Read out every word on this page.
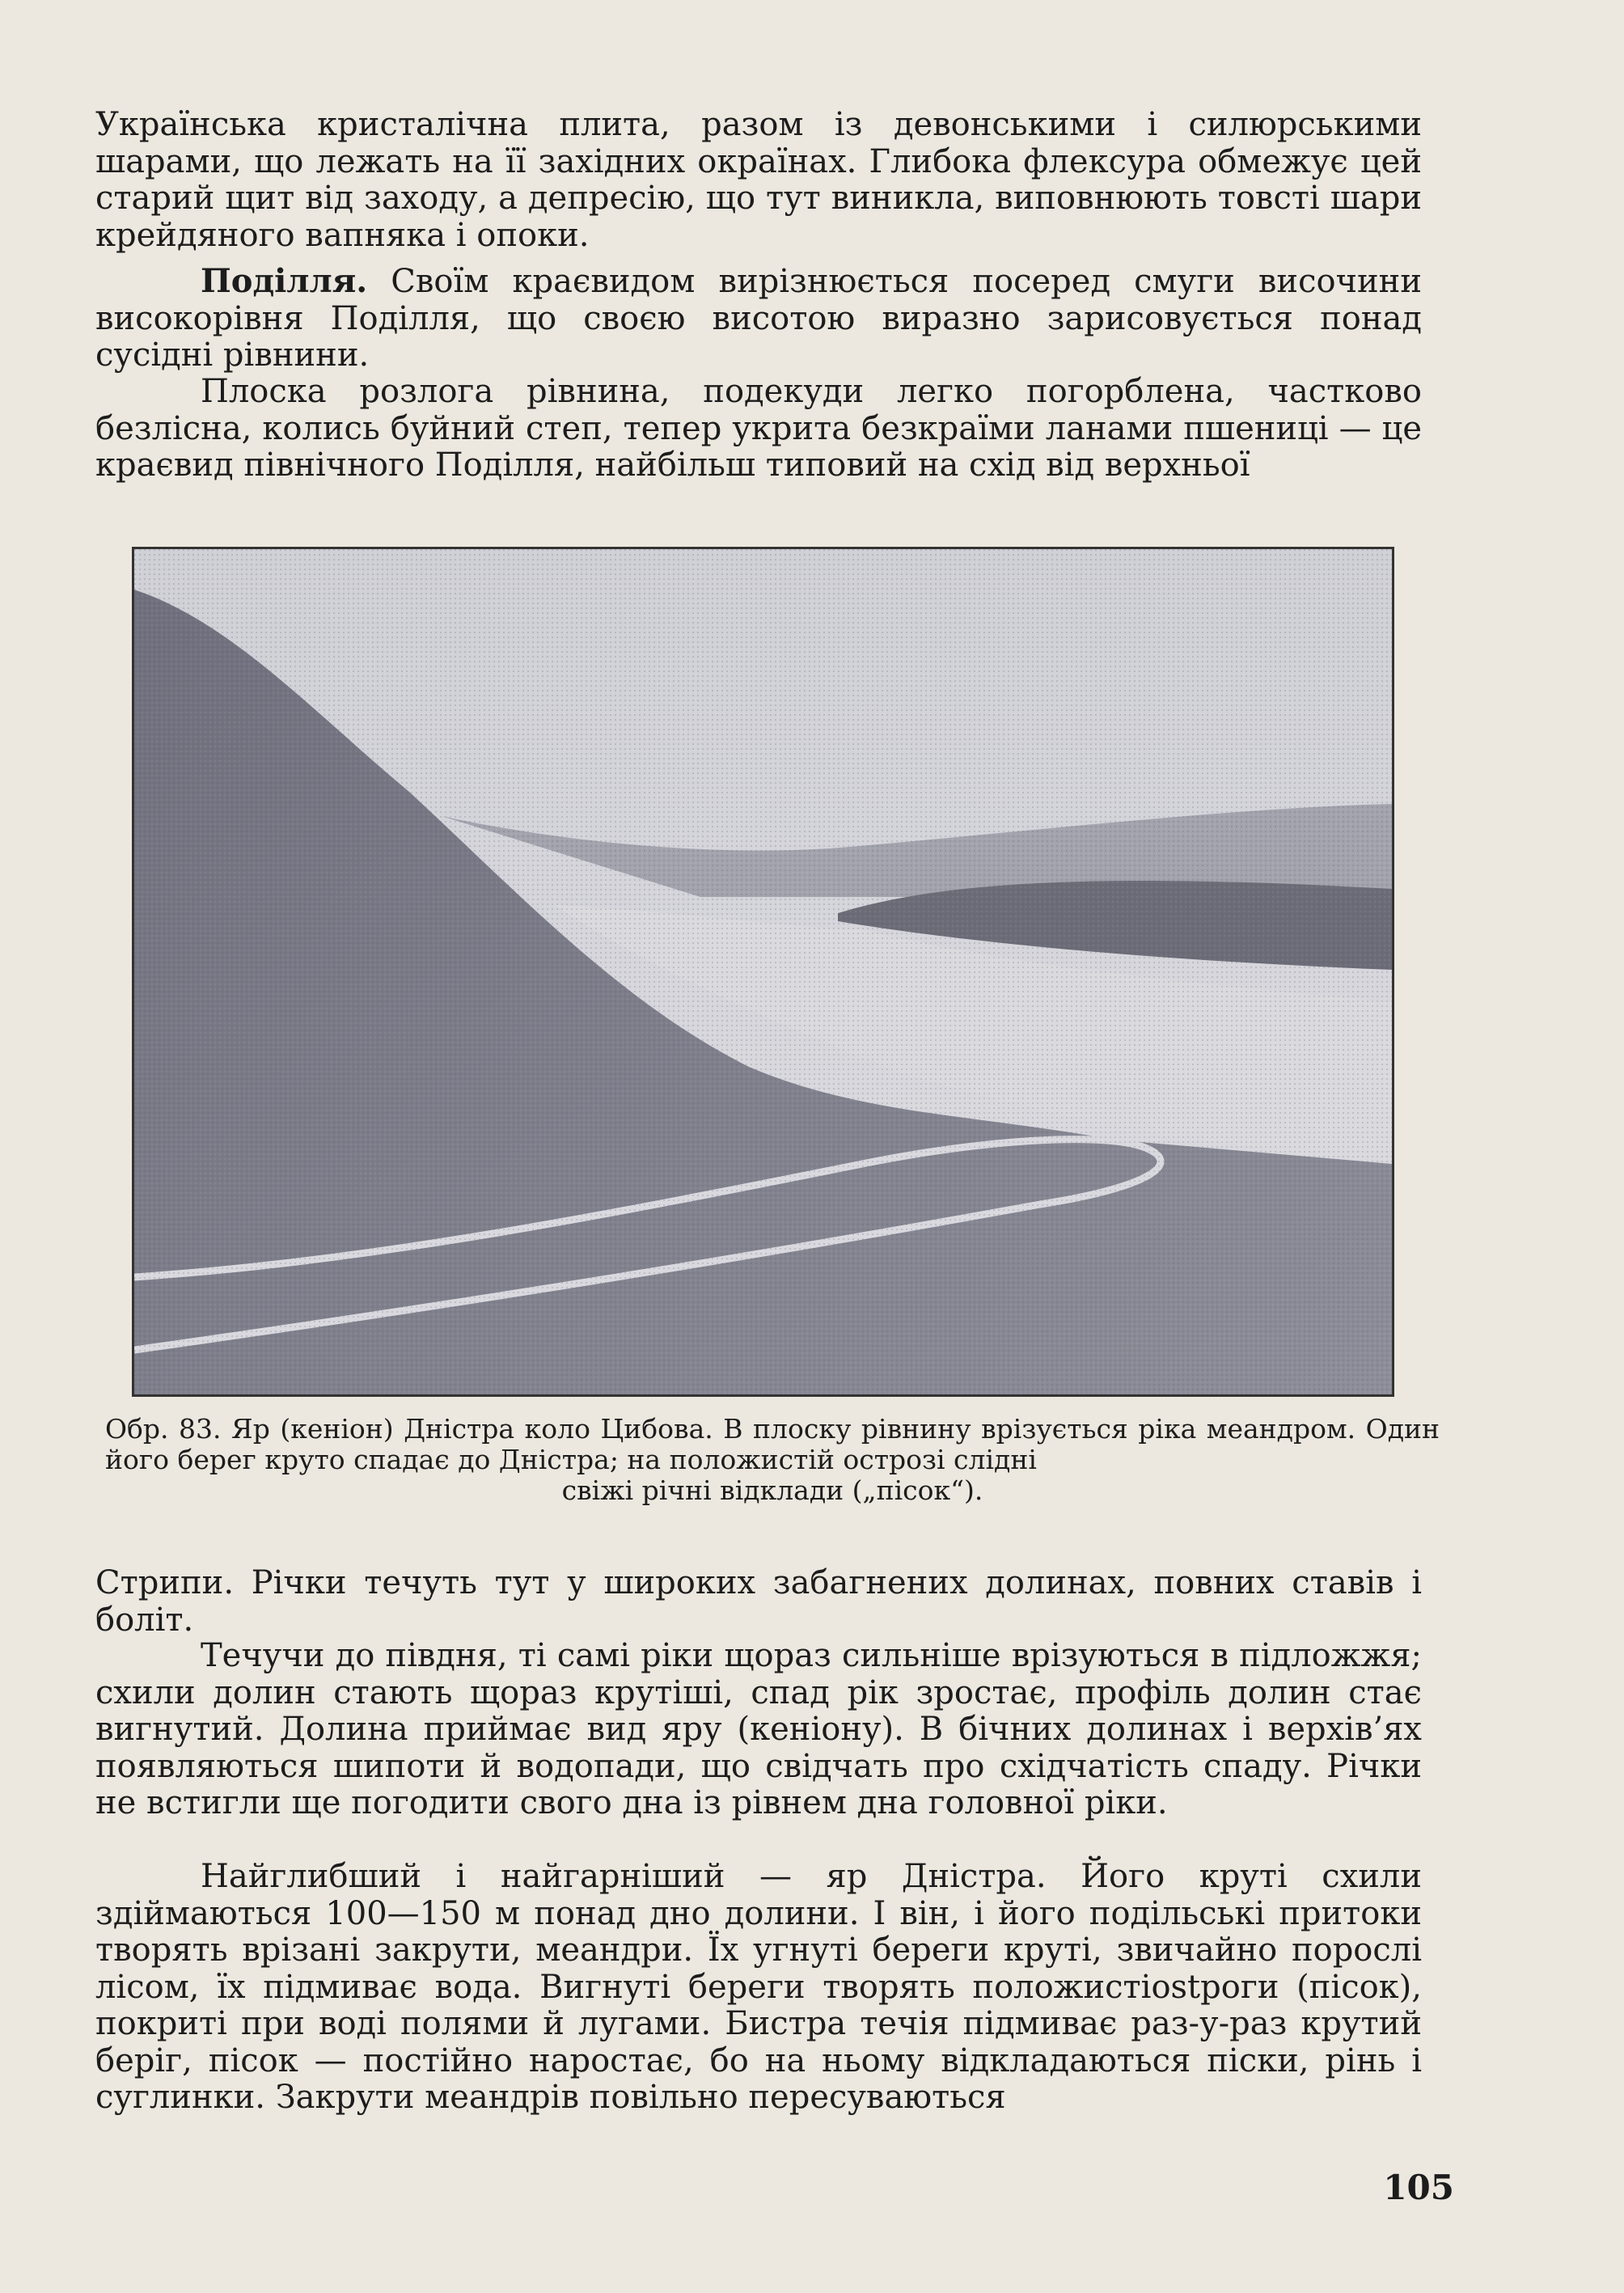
Українська кристалічна плита, разом із девонськими і силюрськими шарами, що лежать на її західних окраїнах. Глибока флексура обмежує цей старий щит від заходу, а депресію, що тут виникла, виповнюють товсті шари крейдяного вапняка і опоки.

Поділля. Своїм краєвидом вирізнюється посеред смуги височини високорівня Поділля, що своєю висотою виразно зарисовується понад сусідні рівнини.

Плоска розлога рівнина, подекуди легко погорблена, частково безлісна, колись буйний степ, тепер укрита безкраїми ланами пшениці — це краєвид північного Поділля, найбільш типовий на схід від верхньої

Обр. 83. Яр (кеніон) Дністра коло Цибова. В плоску рівнину врізується ріка меандром. Один його берег круто спадає до Дністра; на положистій острозі слідні
свіжі річні відклади („пісок“).

Стрипи. Річки течуть тут у широких забагнених долинах, повних ставів і боліт.

Течучи до півдня, ті самі ріки щораз сильніше врізуються в підложжя; схили долин стають щораз крутіші, спад рік зростає, профіль долин стає вигнутий. Долина приймає вид яру (кеніону). В бічних долинах і верхів’ях появляються шипоти й водопади, що свідчать про східчатість спаду. Річки не встигли ще погодити свого дна із рівнем дна головної ріки.

Найглибший і найгарніший — яр Дністра. Його круті схили здіймаються 100—150 м понад дно долини. І він, і його подільські притоки творять врізані закрути, меандри. Їх угнуті береги круті, звичайно порослі лісом, їх підмиває вода. Вигнуті береги творять положистіostроги (пісок), покриті при воді полями й лугами. Бистра течія підмиває раз-у-раз крутий беріг, пісок — постійно наростає, бо на ньому відкладаються піски, рінь і суглинки. Закрути меандрів повільно пересуваються

105
